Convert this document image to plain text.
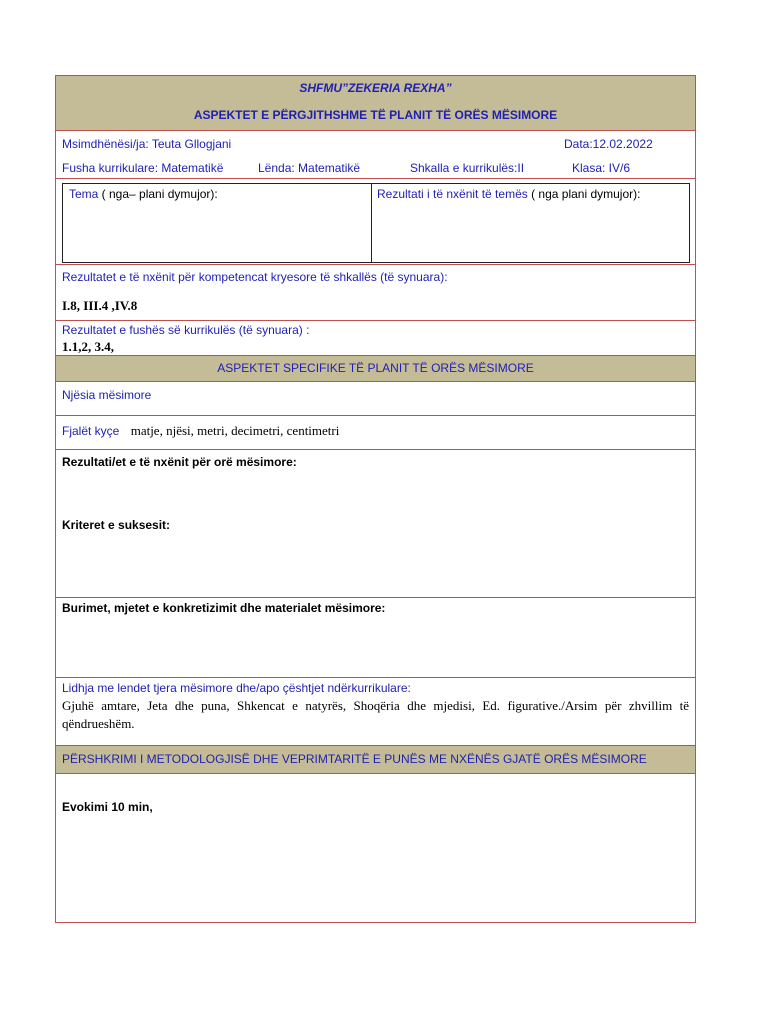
SHFMU”ZEKERIA REXHA”
ASPEKTET E PËRGJITHSHME TË PLANIT TË ORËS MËSIMORE
Msimdhënësi/ja: Teuta Gllogjani	Data:12.02.2022
Fusha kurrikulare: Matematikë	Lënda: Matematikë	Shkalla e kurrikulës:II	Klasa: IV/6
Tema ( nga– plani dymujor):	Rezultati i të nxënit të temës ( nga plani dymujor):
Rezultatet e të nxënit për kompetencat kryesore të shkallës (të synuara):
I.8, III.4 ,IV.8
Rezultatet e fushës së kurrikulës (të synuara) :
1.1,2, 3.4,
ASPEKTET SPECIFIKE TË PLANIT TË ORËS MËSIMORE
Njësia mësimore
Fjalët kyçe matje, njësi, metri, decimetri, centimetri
Rezultati/et e të nxënit për orë mësimore:
Kriteret e suksesit:
Burimet, mjetet e konkretizimit dhe materialet mësimore:
Lidhja me lendet tjera mësimore dhe/apo çështjet ndërkurrikulare:
Gjuhë amtare, Jeta dhe puna, Shkencat e natyrës, Shoqëria dhe mjedisi, Ed. figurative./Arsim për zhvillim të qëndrueshëm.
PËRSHKRIMI I METODOLOGJISË DHE VEPRIMTARITË E PUNËS ME NXËNËS GJATË ORËS MËSIMORE
Evokimi 10 min,
